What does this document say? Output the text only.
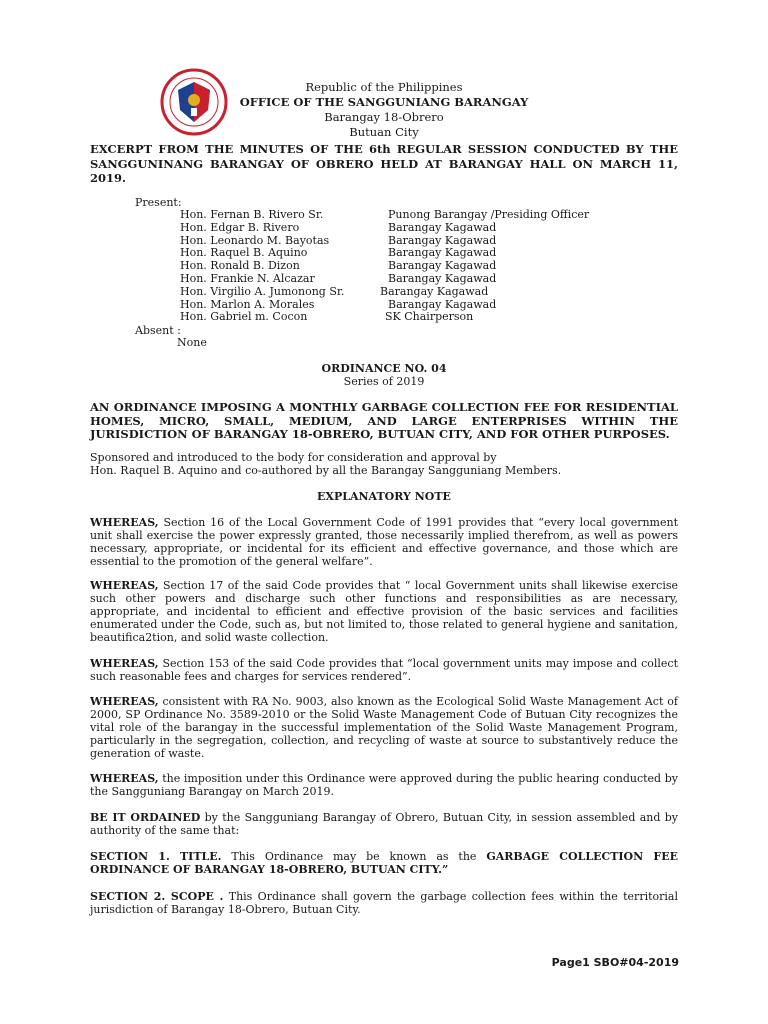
Republic of the Philippines
OFFICE OF THE SANGGUNIANG BARANGAY
Barangay 18-Obrero
Butuan City
EXCERPT FROM THE MINUTES OF THE 6th REGULAR SESSION CONDUCTED BY THE SANGGUNINANG BARANGAY OF OBRERO HELD AT BARANGAY HALL ON MARCH 11, 2019.
Present:
Hon. Fernan B. Rivero Sr.	Punong Barangay /Presiding Officer
Hon. Edgar B. Rivero	Barangay Kagawad
Hon. Leonardo M. Bayotas	Barangay Kagawad
Hon. Raquel B. Aquino	Barangay Kagawad
Hon. Ronald B. Dizon	Barangay Kagawad
Hon. Frankie N. Alcazar	Barangay Kagawad
Hon. Virgilio A. Jumonong Sr.	Barangay Kagawad
Hon. Marlon A. Morales	Barangay Kagawad
Hon. Gabriel m. Cocon	SK Chairperson
Absent :
None
ORDINANCE NO. 04
Series of 2019
AN ORDINANCE IMPOSING A MONTHLY GARBAGE COLLECTION FEE FOR RESIDENTIAL HOMES, MICRO, SMALL, MEDIUM, AND LARGE ENTERPRISES WITHIN THE JURISDICTION OF BARANGAY 18-OBRERO, BUTUAN CITY, AND FOR OTHER PURPOSES.
Sponsored and introduced to the body for consideration and approval by
Hon. Raquel B. Aquino and co-authored by all the Barangay Sangguniang Members.
EXPLANATORY NOTE
WHEREAS, Section 16 of the Local Government Code of 1991 provides that “every local government unit shall exercise the power expressly granted, those necessarily implied therefrom, as well as powers necessary, appropriate, or incidental for its efficient and effective governance, and those which are essential to the promotion of the general welfare”.
WHEREAS, Section 17 of the said Code provides that “ local Government units shall likewise exercise such other powers and discharge such other functions and responsibilities as are necessary, appropriate, and incidental to efficient and effective provision of the basic services and facilities enumerated under the Code, such as, but not limited to, those related to general hygiene and sanitation, beautifica2tion, and solid waste collection.
WHEREAS, Section 153 of the said Code provides that “local government units may impose and collect such reasonable fees and charges for services rendered”.
WHEREAS, consistent with RA No. 9003, also known as the Ecological Solid Waste Management Act of 2000, SP Ordinance No. 3589-2010 or the Solid Waste Management Code of Butuan City recognizes the vital role of the barangay in the successful implementation of the Solid Waste Management Program, particularly in the segregation, collection, and recycling of waste at source to substantively reduce the generation of waste.
WHEREAS, the imposition under this Ordinance were approved during the public hearing conducted by the Sangguniang Barangay on March 2019.
BE IT ORDAINED by the Sangguniang Barangay of Obrero, Butuan City, in session assembled and by authority of the same that:
SECTION 1. TITLE. This Ordinance may be known as the GARBAGE COLLECTION FEE ORDINANCE OF BARANGAY 18-OBRERO, BUTUAN CITY.”
SECTION 2. SCOPE . This Ordinance shall govern the garbage collection fees within the territorial jurisdiction of Barangay 18-Obrero, Butuan City.
Page1 SBO#04-2019
